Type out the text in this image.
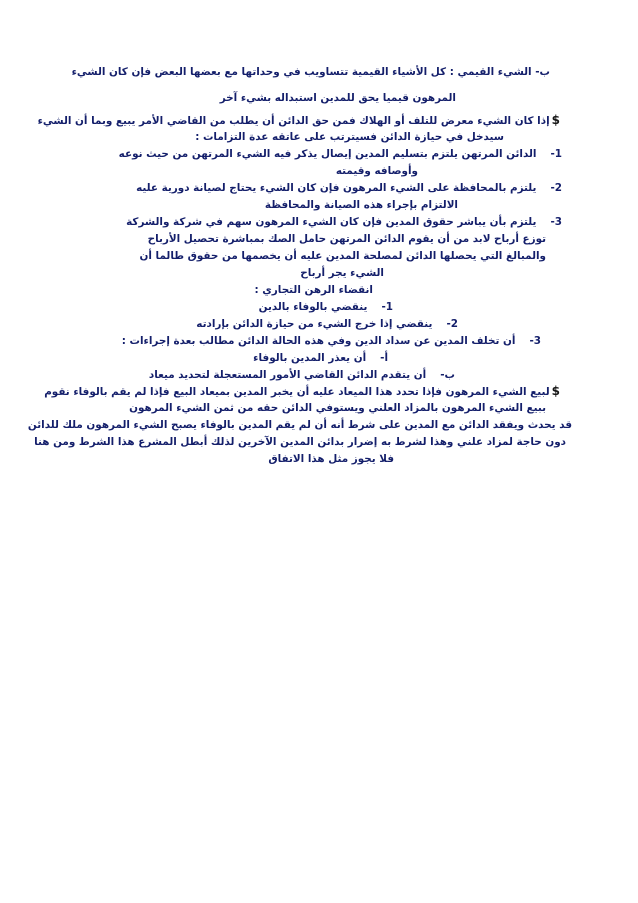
ب- الشيء القيمي : كل الأشياء القيمية تتساويب في وحداتها مع بعضها البعض فإن كان الشيء
المرهون قيميا يحق للمدين استبداله بشيء آخر
$إذا كان الشيء معرض للتلف أو الهلاك فمن حق الدائن أن يطلب من القاضي الأمر يبيع وبما أن الشيء
سيدخل في حيازة الدائن فسيترتب على عاتقه عدة التزامات :
1-الدائن المرتهن يلتزم بتسليم المدين إيصال يذكر فيه الشيء المرتهن من حيث نوعه
وأوصافه وقيمته
2-يلتزم بالمحافظة على الشيء المرهون فإن كان الشيء يحتاج لصيانة دورية عليه
الالتزام بإجراء هذه الصيانة والمحافظة
3-يلتزم بأن يباشر حقوق المدين فإن كان الشيء المرهون سهم في شركة والشركة
توزع أرباح لابد من أن يقوم الدائن المرتهن حامل الصك بمباشرة تحصيل الأرباح
والمبالغ التي يحصلها الدائن لمصلحة المدين عليه أن يخصمها من حقوق طالما أن
الشيء يجر أرباح
انقضاء الرهن التجاري :
1-ينقضي بالوفاء بالدين
2-ينقضي إذا خرج الشيء من حيازة الدائن بإرادته
3-أن تخلف المدين عن سداد الدين وفي هذه الحالة الدائن مطالب بعدة إجراءات :
أ-أن يعذر المدين بالوفاء
ب-أن يتقدم الدائن القاضي الأمور المستعجلة لتحديد ميعاد
$لبيع الشيء المرهون فإذا تحدد هذا الميعاد عليه أن يخبر المدين بميعاد البيع فإذا لم يقم بالوفاء نقوم
ببيع الشيء المرهون بالمزاد العلني ويستوفي الدائن حقه من ثمن الشيء المرهون
قد يحدث ويفقد الدائن مع المدين على شرط أنه أن لم يقم المدين بالوفاء يصبح الشيء المرهون ملك للدائن
دون حاجة لمزاد علني وهذا لشرط به إضرار بدائن المدين الآخرين لذلك أبطل المشرع هذا الشرط ومن هنا
فلا يجوز مثل هذا الاتفاق
